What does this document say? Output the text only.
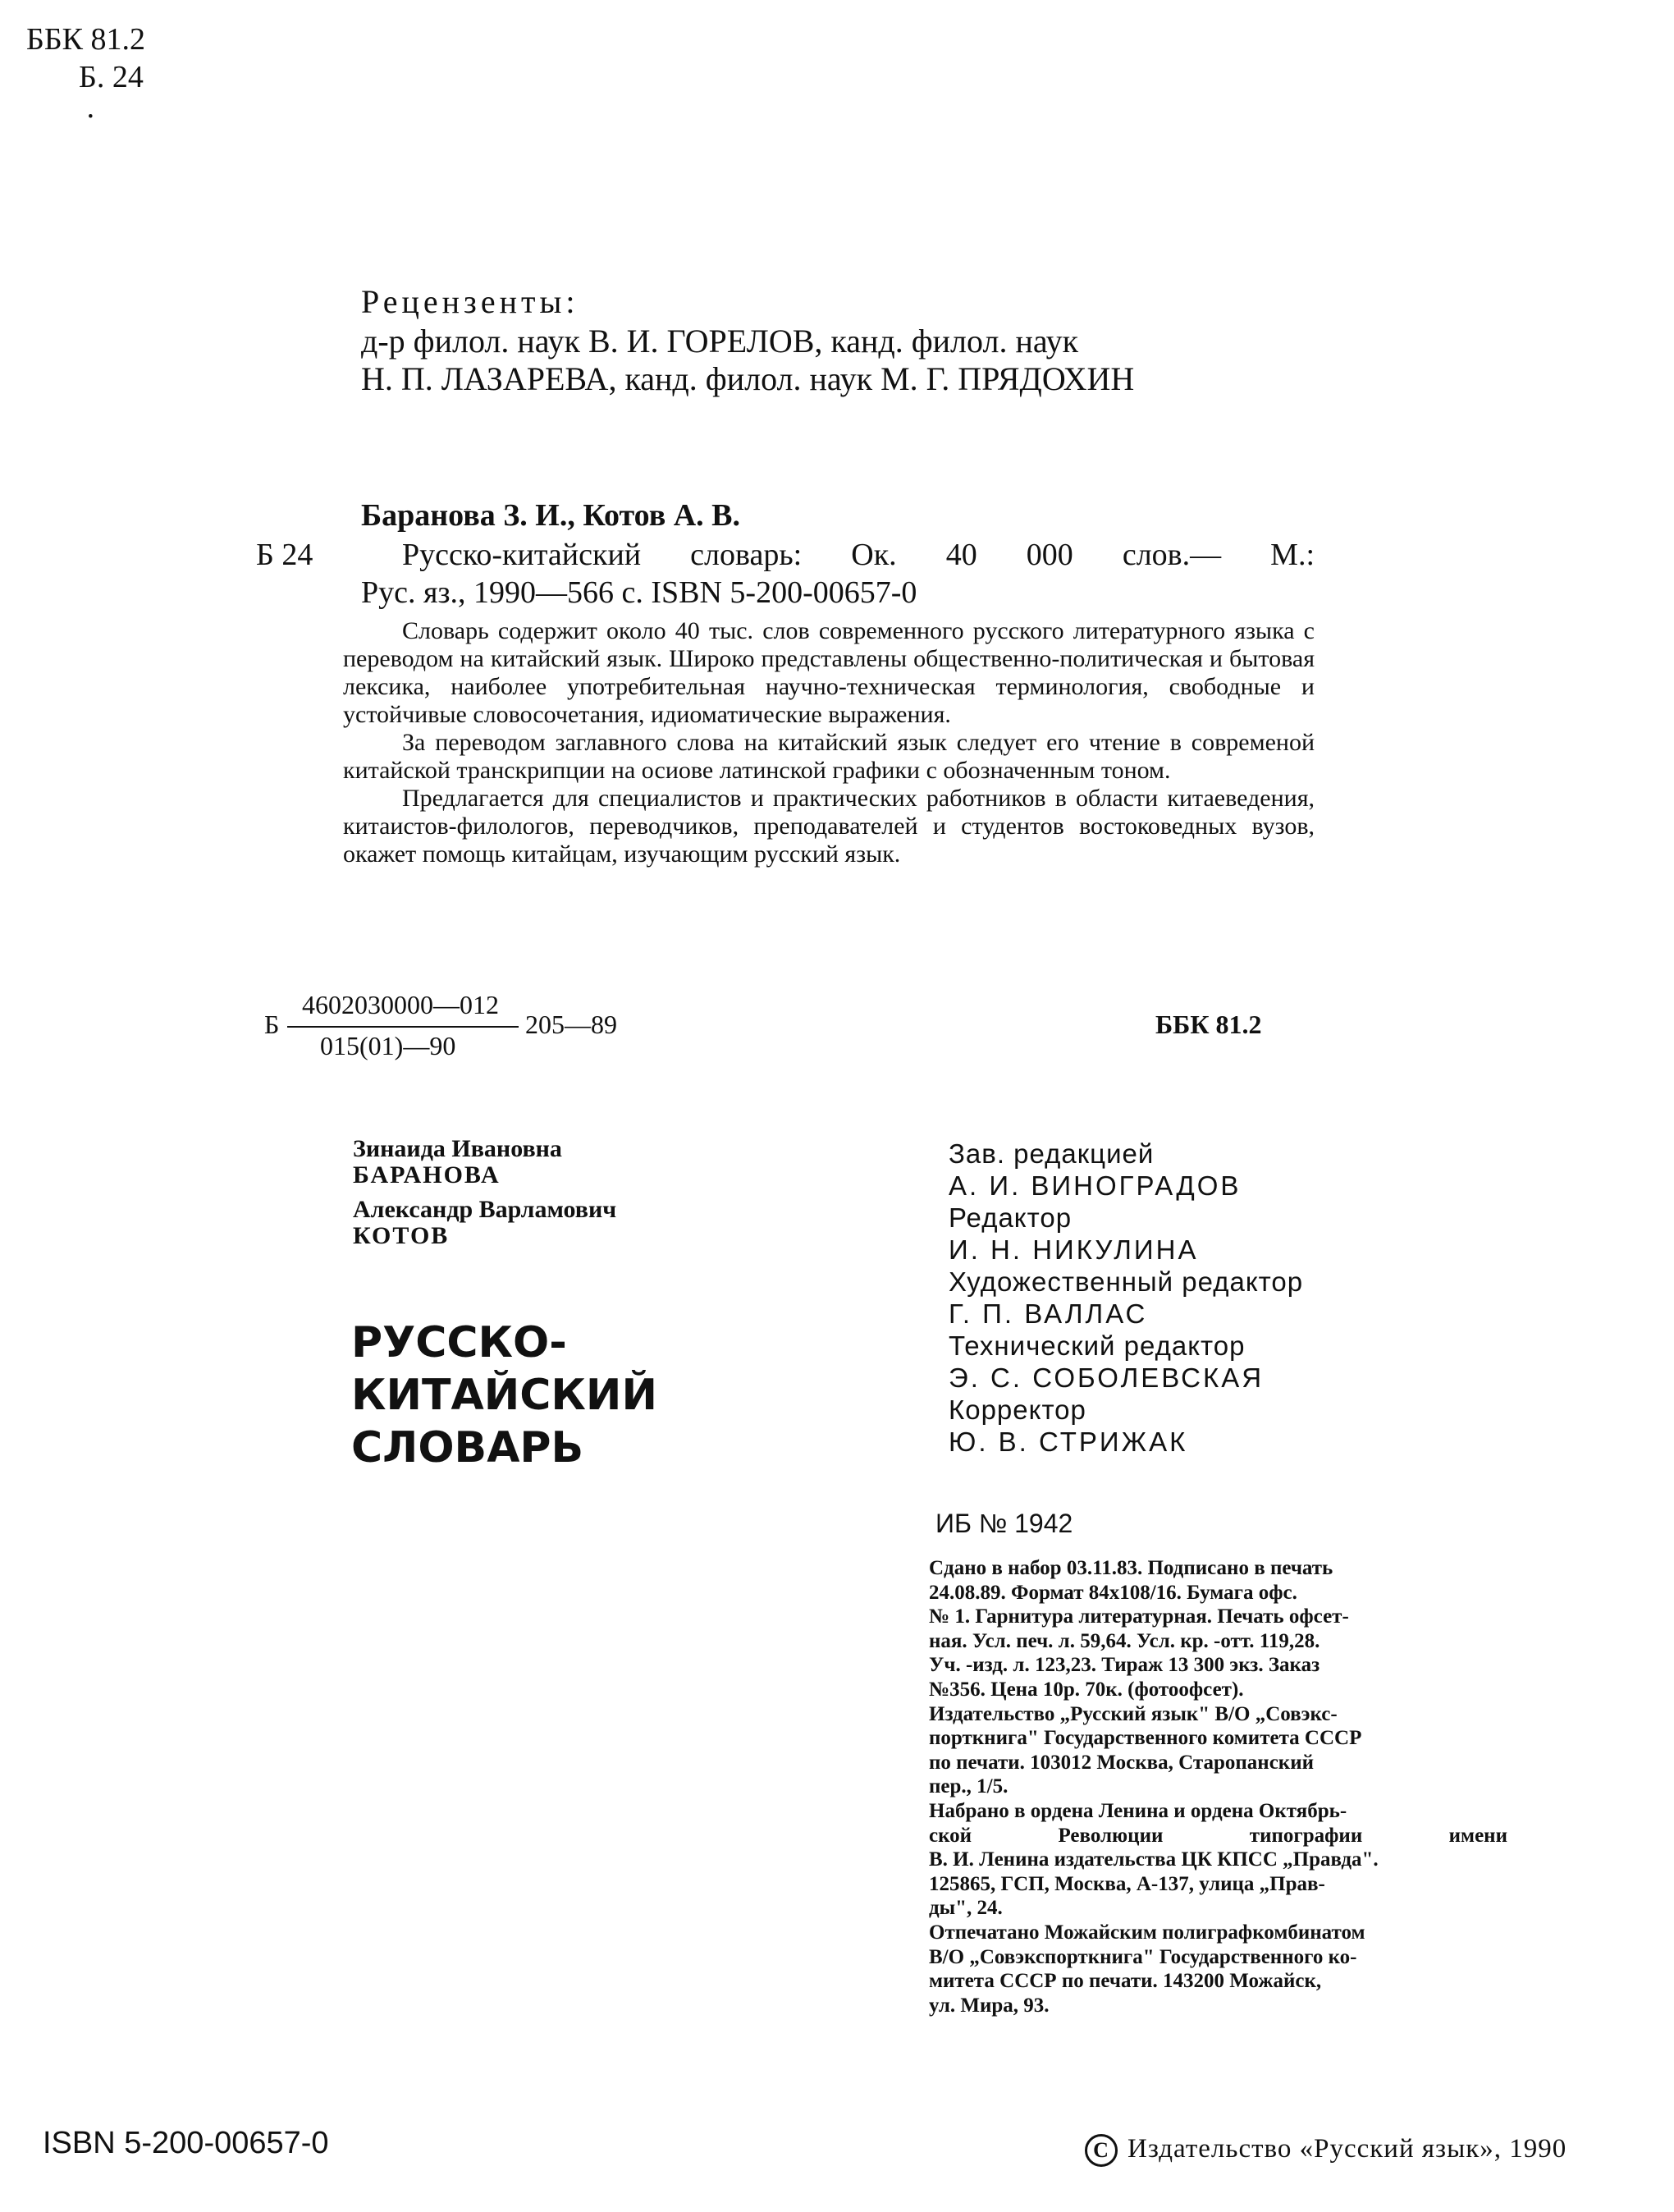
ББК 81.2
Б. 24
·
Рецензенты:
д-р филол. наук В. И. ГОРЕЛОВ, канд. филол. наук
Н. П. ЛАЗАРЕВА, канд. филол. наук М. Г. ПРЯДОХИН
Баранова З. И., Котов А. В.
Б 24	Русско-китайский словарь: Ок. 40 000 слов.— М.:
Рус. яз., 1990—566 с. ISBN 5-200-00657-0

Словарь содержит около 40 тыс. слов современного русского литературного языка с переводом на китайский язык. Широко представлены общественно-политическая и бытовая лексика, наиболее употребительная научно-техническая терминология, свободные и устойчивые словосочетания, идиоматические выражения.

За переводом заглавного слова на китайский язык следует его чтение в современой китайской транскрипции на осиове латинской графики с обозначенным тоном.

Предлагается для специалистов и практических работников в области китаеведения, китаистов-филологов, переводчиков, преподавателей и студентов востоковедных вузов, окажет помощь китайцам, изучающим русский язык.

Б
4602030000—012
015(01)—90
205—89	ББК 81.2
Зинаида Ивановна
БАРАНОВА
Александр Варламович
КОТОВ
РУССКО-
КИТАЙСКИЙ
СЛОВАРЬ
Зав. редакцией
А. И. ВИНОГРАДОВ
Редактор
И. Н. НИКУЛИНА
Художественный редактор
Г. П. ВАЛЛАС
Технический редактор
Э. С. СОБОЛЕВСКАЯ
Корректор
Ю. В. СТРИЖАК
ИБ № 1942
Сдано в набор 03.11.83. Подписано в печать
24.08.89. Формат 84x108/16. Бумага офс.
№ 1. Гарнитура литературная. Печать офсет-
ная. Усл. печ. л. 59,64. Усл. кр. -отт. 119,28.
Уч. -изд. л. 123,23. Тираж 13 300 экз. Заказ
№356. Цена 10р. 70к. (фотоофсет).
Издательство „Русский язык" В/О „Совэкс-
порткнига" Государственного комитета СССР
по печати. 103012 Москва, Старопанский
пер., 1/5.
Набрано в ордена Ленина и ордена Октябрь-
ской Революции типографии имени
В. И. Ленина издательства ЦК КПСС „Правда".
125865, ГСП, Москва, А-137, улица „Прав-
ды", 24.
Отпечатано Можайским полиграфкомбинатом
В/О „Совэкспорткнига" Государственного ко-
митета СССР по печати. 143200 Можайск,
ул. Мира, 93.
ISBN 5-200-00657-0	C Издательство «Русский язык», 1990
